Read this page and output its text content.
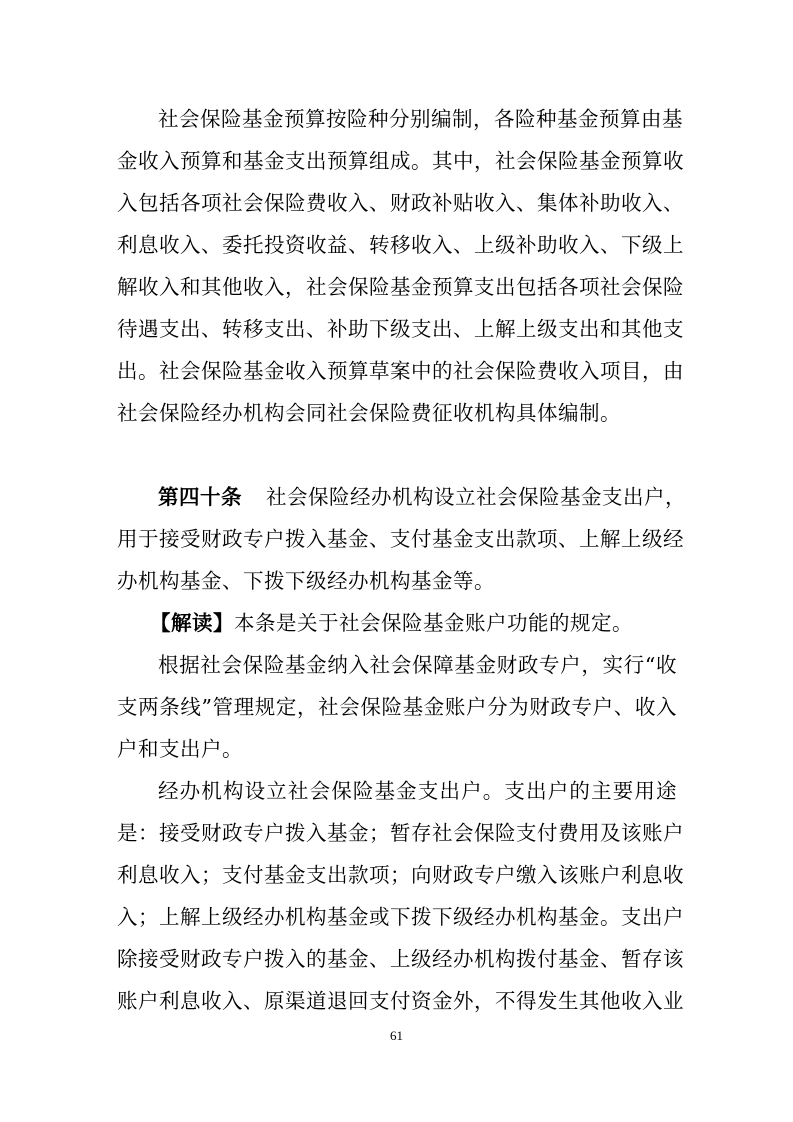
社会保险基金预算按险种分别编制，各险种基金预算由基
金收入预算和基金支出预算组成。其中，社会保险基金预算收
入包括各项社会保险费收入、财政补贴收入、集体补助收入、
利息收入、委托投资收益、转移收入、上级补助收入、下级上
解收入和其他收入，社会保险基金预算支出包括各项社会保险
待遇支出、转移支出、补助下级支出、上解上级支出和其他支
出。社会保险基金收入预算草案中的社会保险费收入项目，由
社会保险经办机构会同社会保险费征收机构具体编制。
第四十条 社会保险经办机构设立社会保险基金支出户，
用于接受财政专户拨入基金、支付基金支出款项、上解上级经
办机构基金、下拨下级经办机构基金等。
【解读】本条是关于社会保险基金账户功能的规定。
根据社会保险基金纳入社会保障基金财政专户，实行“收
支两条线”管理规定，社会保险基金账户分为财政专户、收入
户和支出户。
经办机构设立社会保险基金支出户。支出户的主要用途
是：接受财政专户拨入基金；暂存社会保险支付费用及该账户
利息收入；支付基金支出款项；向财政专户缴入该账户利息收
入；上解上级经办机构基金或下拨下级经办机构基金。支出户
除接受财政专户拨入的基金、上级经办机构拨付基金、暂存该
账户利息收入、原渠道退回支付资金外，不得发生其他收入业
61
